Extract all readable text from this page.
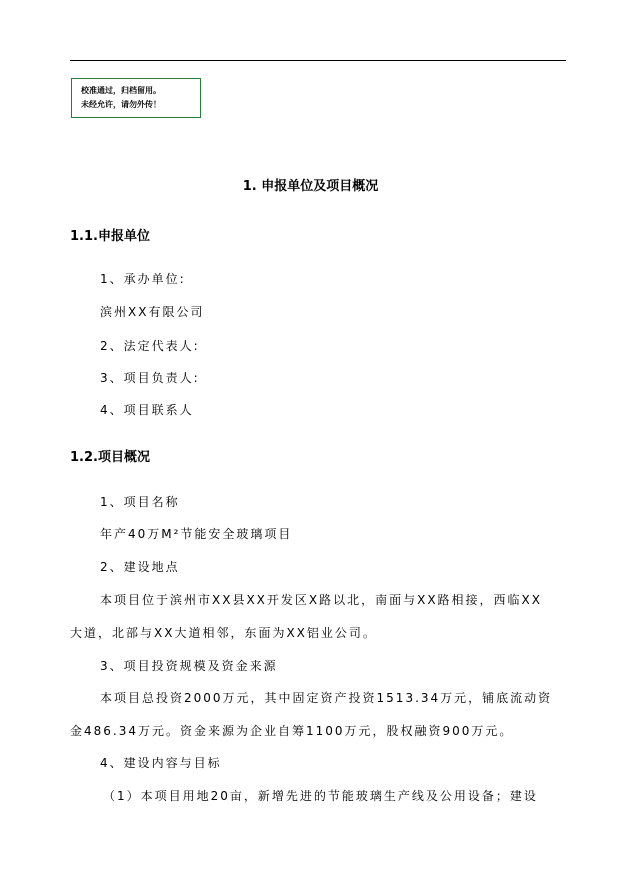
校准通过，归档留用。
未经允许，请勿外传！
1. 申报单位及项目概况
1.1.申报单位
1、承办单位:
滨州XX有限公司
2、法定代表人:
3、项目负责人:
4、项目联系人
1.2.项目概况
1、项目名称
年产40万M²节能安全玻璃项目
2、建设地点
本项目位于滨州市XX县XX开发区X路以北，南面与XX路相接，西临XX
大道，北部与XX大道相邻，东面为XX铝业公司。
3、项目投资规模及资金来源
本项目总投资2000万元，其中固定资产投资1513.34万元，铺底流动资
金486.34万元。资金来源为企业自筹1100万元，股权融资900万元。
4、建设内容与目标
（1）本项目用地20亩，新增先进的节能玻璃生产线及公用设备；建设
